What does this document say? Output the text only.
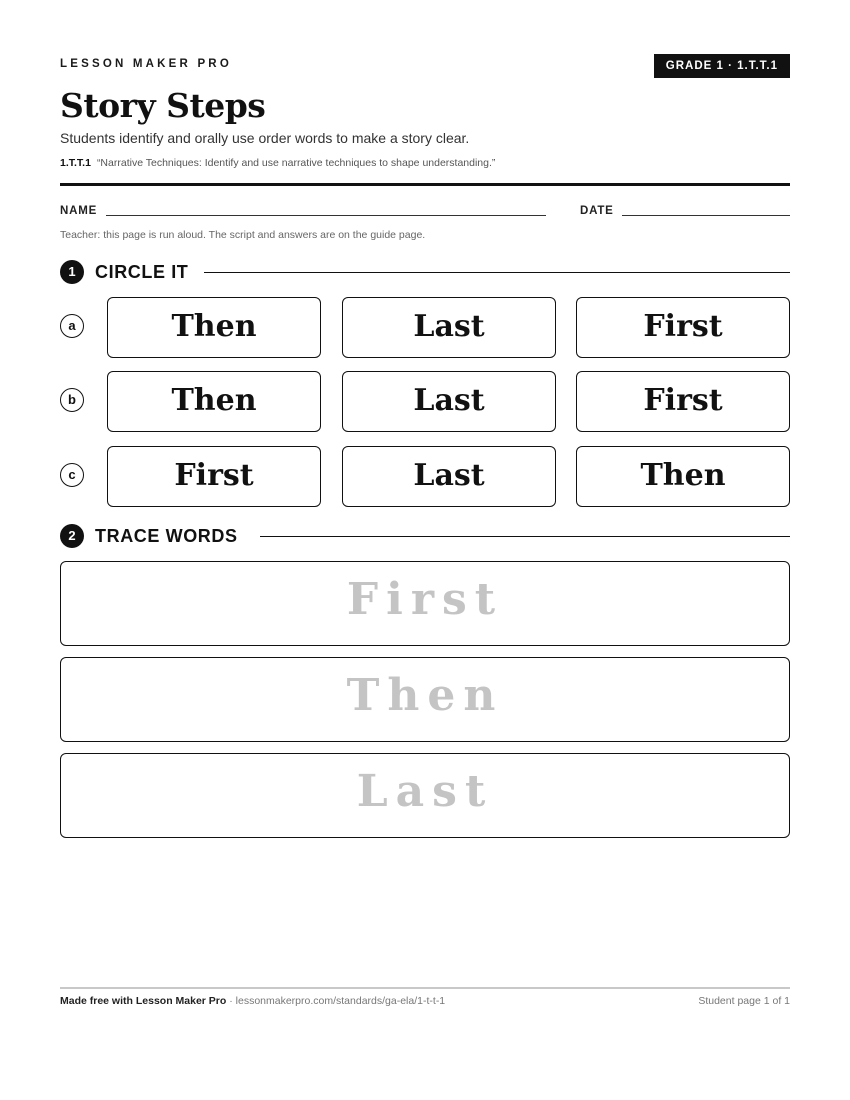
LESSON MAKER PRO	GRADE 1 · 1.T.T.1
Story Steps
Students identify and orally use order words to make a story clear.
1.T.T.1 “Narrative Techniques: Identify and use narrative techniques to shape understanding.”
NAME	DATE
Teacher: this page is run aloud. The script and answers are on the guide page.
1	CIRCLE IT
a	Then	Last	First
b	Then	Last	First
c	First	Last	Then
2	TRACE WORDS
First
Then
Last
Made free with Lesson Maker Pro · lessonmakerpro.com/standards/ga-ela/1-t-t-1	Student page 1 of 1
